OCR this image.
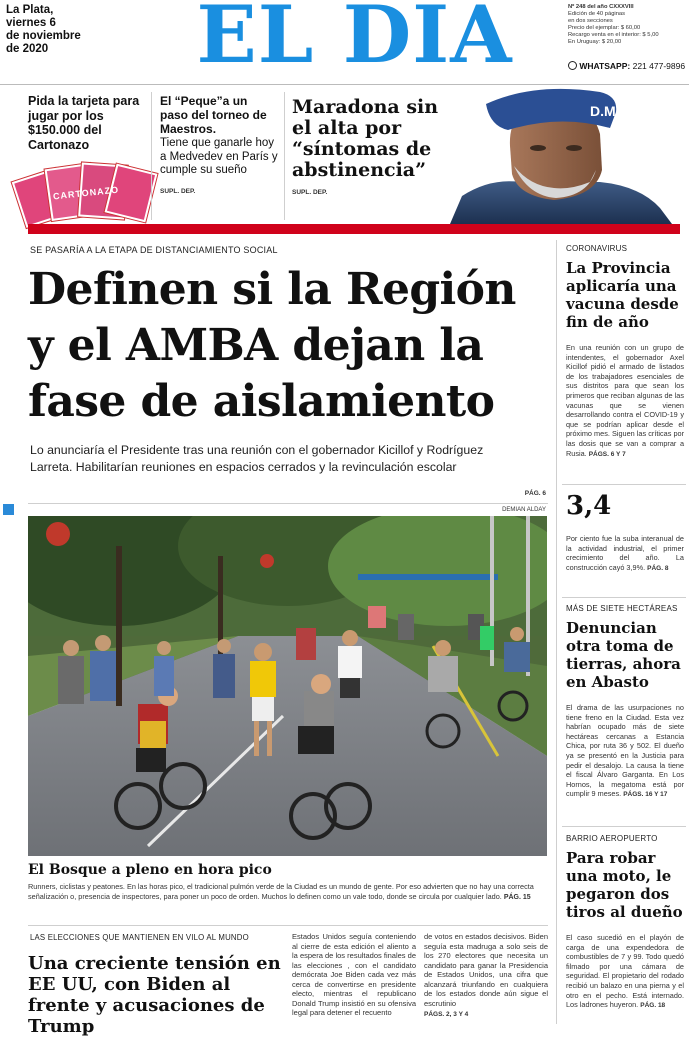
La Plata,
viernes 6
de noviembre
de 2020	EL DIA	Nº 248 del año CXXXVIII
Edición de 40 páginas
en dos secciones
Precio del ejemplar: $ 60,00
Recargo venta en el interior: $ 5,00
En Uruguay: $ 20,00
WHATSAPP: 221 477-9896
Pida la tarjeta para jugar por los $150.000 del Cartonazo
CARTONAZO
El “Peque”a un paso del torneo de Maestros.
Tiene que ganarle hoy a Medvedev en París y cumple su sueño
SUPL. DEP.
Maradona sin el alta por “síntomas de abstinencia”
SUPL. DEP.
D.M.
SE PASARÍA A LA ETAPA DE DISTANCIAMIENTO SOCIAL
Definen si la Región
y el AMBA dejan la
fase de aislamiento
Lo anunciaría el Presidente tras una reunión con el gobernador Kicillof y Rodríguez
Larreta. Habilitarían reuniones en espacios cerrados y la revinculación escolar
PÁG. 6
DEMIAN ALDAY
El Bosque a pleno en hora pico
Runners, ciclistas y peatones. En las horas pico, el tradicional pulmón verde de la Ciudad es un mundo de gente. Por eso advierten que no hay una correcta señalización o, presencia de inspectores, para poner un poco de orden. Muchos lo definen como un vale todo, donde se circula por cualquier lado. PÁG. 15
LAS ELECCIONES QUE MANTIENEN EN VILO AL MUNDO
Una creciente tensión en EE UU, con Biden al frente y acusaciones de Trump
Estados Unidos seguía conteniendo al cierre de esta edición el aliento a la espera de los resultados finales de las elecciones , con el candidato demócrata Joe Biden cada vez más cerca de convertirse en presidente electo, mientras el republicano Donald Trump insistió en su ofensiva legal para detener el recuento
de votos en estados decisivos. Biden seguía esta madruga a solo seis de los 270 electores que necesita un candidato para ganar la Presidencia de Estados Unidos, una cifra que alcanzará triunfando en cualquiera de los estados donde aún sigue el escrutinio
PÁGS. 2, 3 Y 4
CORONAVIRUS
La Provincia aplicaría una vacuna desde fin de año
En una reunión con un grupo de intendentes, el gobernador Axel Kicillof pidió el armado de listados de los trabajadores esenciales de sus distritos para que sean los primeros que reciban algunas de las vacunas que se vienen desarrollando contra el COVID-19 y que se podrían aplicar desde el próximo mes. Siguen las críticas por las dosis que se van a comprar a Rusia. PÁGS. 6 Y 7
3,4
Por ciento fue la suba interanual de la actividad industrial, el primer crecimiento del año. La construcción cayó 3,9%. PÁG. 8
MÁS DE SIETE HECTÁREAS
Denuncian otra toma de tierras, ahora en Abasto
El drama de las usurpaciones no tiene freno en la Ciudad. Esta vez habrían ocupado más de siete hectáreas cercanas a Estancia Chica, por ruta 36 y 502. El dueño ya se presentó en la Justicia para pedir el desalojo. La causa la tiene el fiscal Álvaro Garganta. En Los Hornos, la megatoma está por cumplir 9 meses. PÁGS. 16 Y 17
BARRIO AEROPUERTO
Para robar una moto, le pegaron dos tiros al dueño
El caso sucedió en el playón de carga de una expendedora de combustibles de 7 y 99. Todo quedó filmado por una cámara de seguridad. El propietario del rodado recibió un balazo en una pierna y el otro en el pecho. Está internado. Los ladrones huyeron. PÁG. 18
